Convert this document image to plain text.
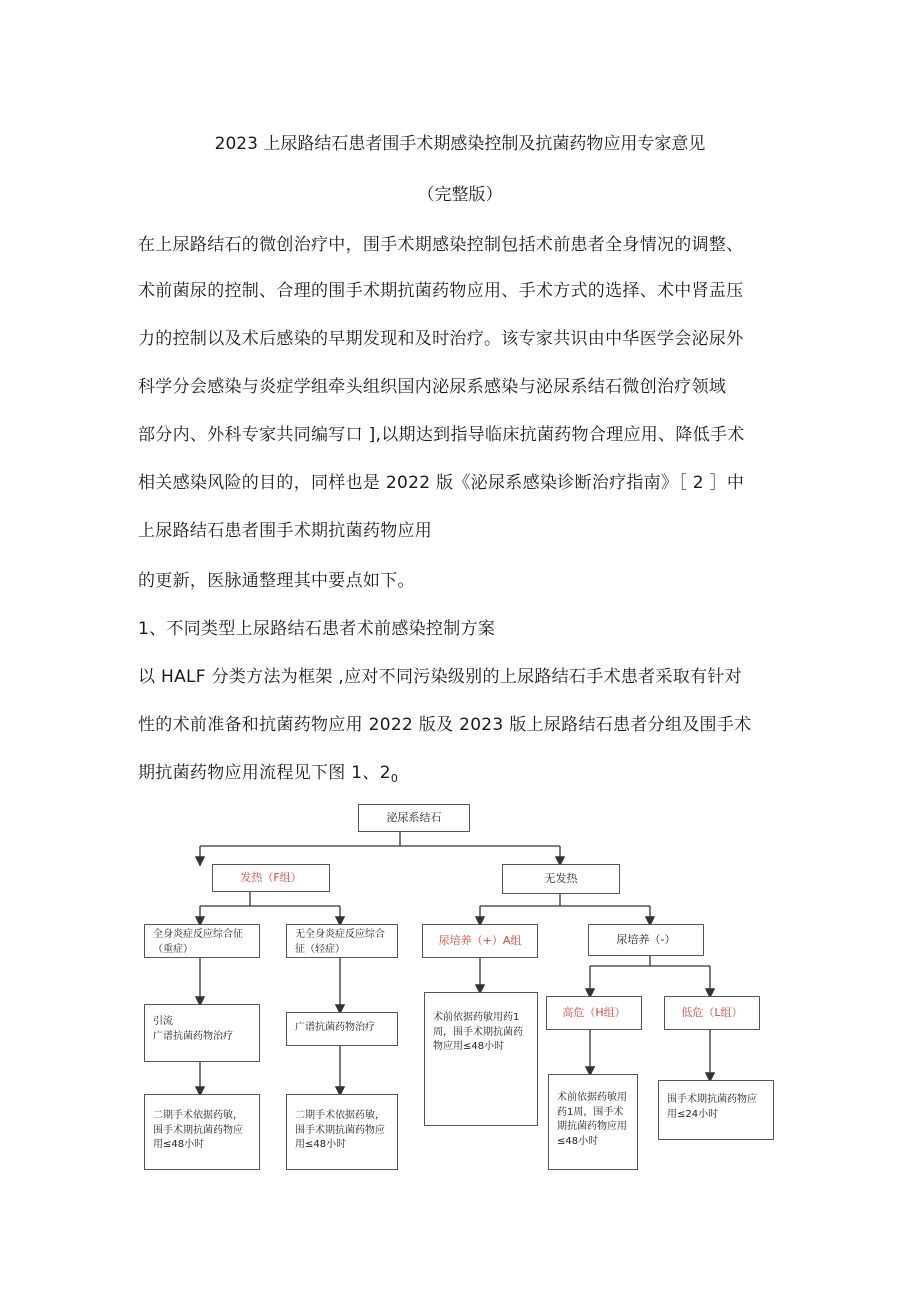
2023 上尿路结石患者围手术期感染控制及抗菌药物应用专家意见
（完整版）
在上尿路结石的微创治疗中，围手术期感染控制包括术前患者全身情况的调整、
术前菌尿的控制、合理的围手术期抗菌药物应用、手术方式的选择、术中肾盂压
力的控制以及术后感染的早期发现和及时治疗。该专家共识由中华医学会泌尿外
科学分会感染与炎症学组牵头组织国内泌尿系感染与泌尿系结石微创治疗领域
部分内、外科专家共同编写口 ],以期达到指导临床抗菌药物合理应用、降低手术
相关感染风险的目的，同样也是 2022 版《泌尿系感染诊断治疗指南》［ 2 ］中
上尿路结石患者围手术期抗菌药物应用
的更新，医脉通整理其中要点如下。
1、不同类型上尿路结石患者术前感染控制方案
以 HALF 分类方法为框架 ,应对不同污染级别的上尿路结石手术患者采取有针对
性的术前准备和抗菌药物应用 2022 版及 2023 版上尿路结石患者分组及围手术
期抗菌药物应用流程见下图 1、$2_0$
泌尿系结石
发热（F组）	无发热
全身炎症反应综合征（重症）
无全身炎症反应综合征（轻症）
尿培养（+）A组	尿培养（-）
引流
广谱抗菌药物治疗
广谱抗菌药物治疗
术前依据药敏用药1周，围手术期抗菌药物应用≤48小时
高危（H组）	低危（L组）
二期手术依据药敏，围手术期抗菌药物应用≤48小时
二期手术依据药敏，围手术期抗菌药物应用≤48小时
术前依据药敏用药1周，围手术期抗菌药物应用≤48小时
围手术期抗菌药物应用≤24小时
